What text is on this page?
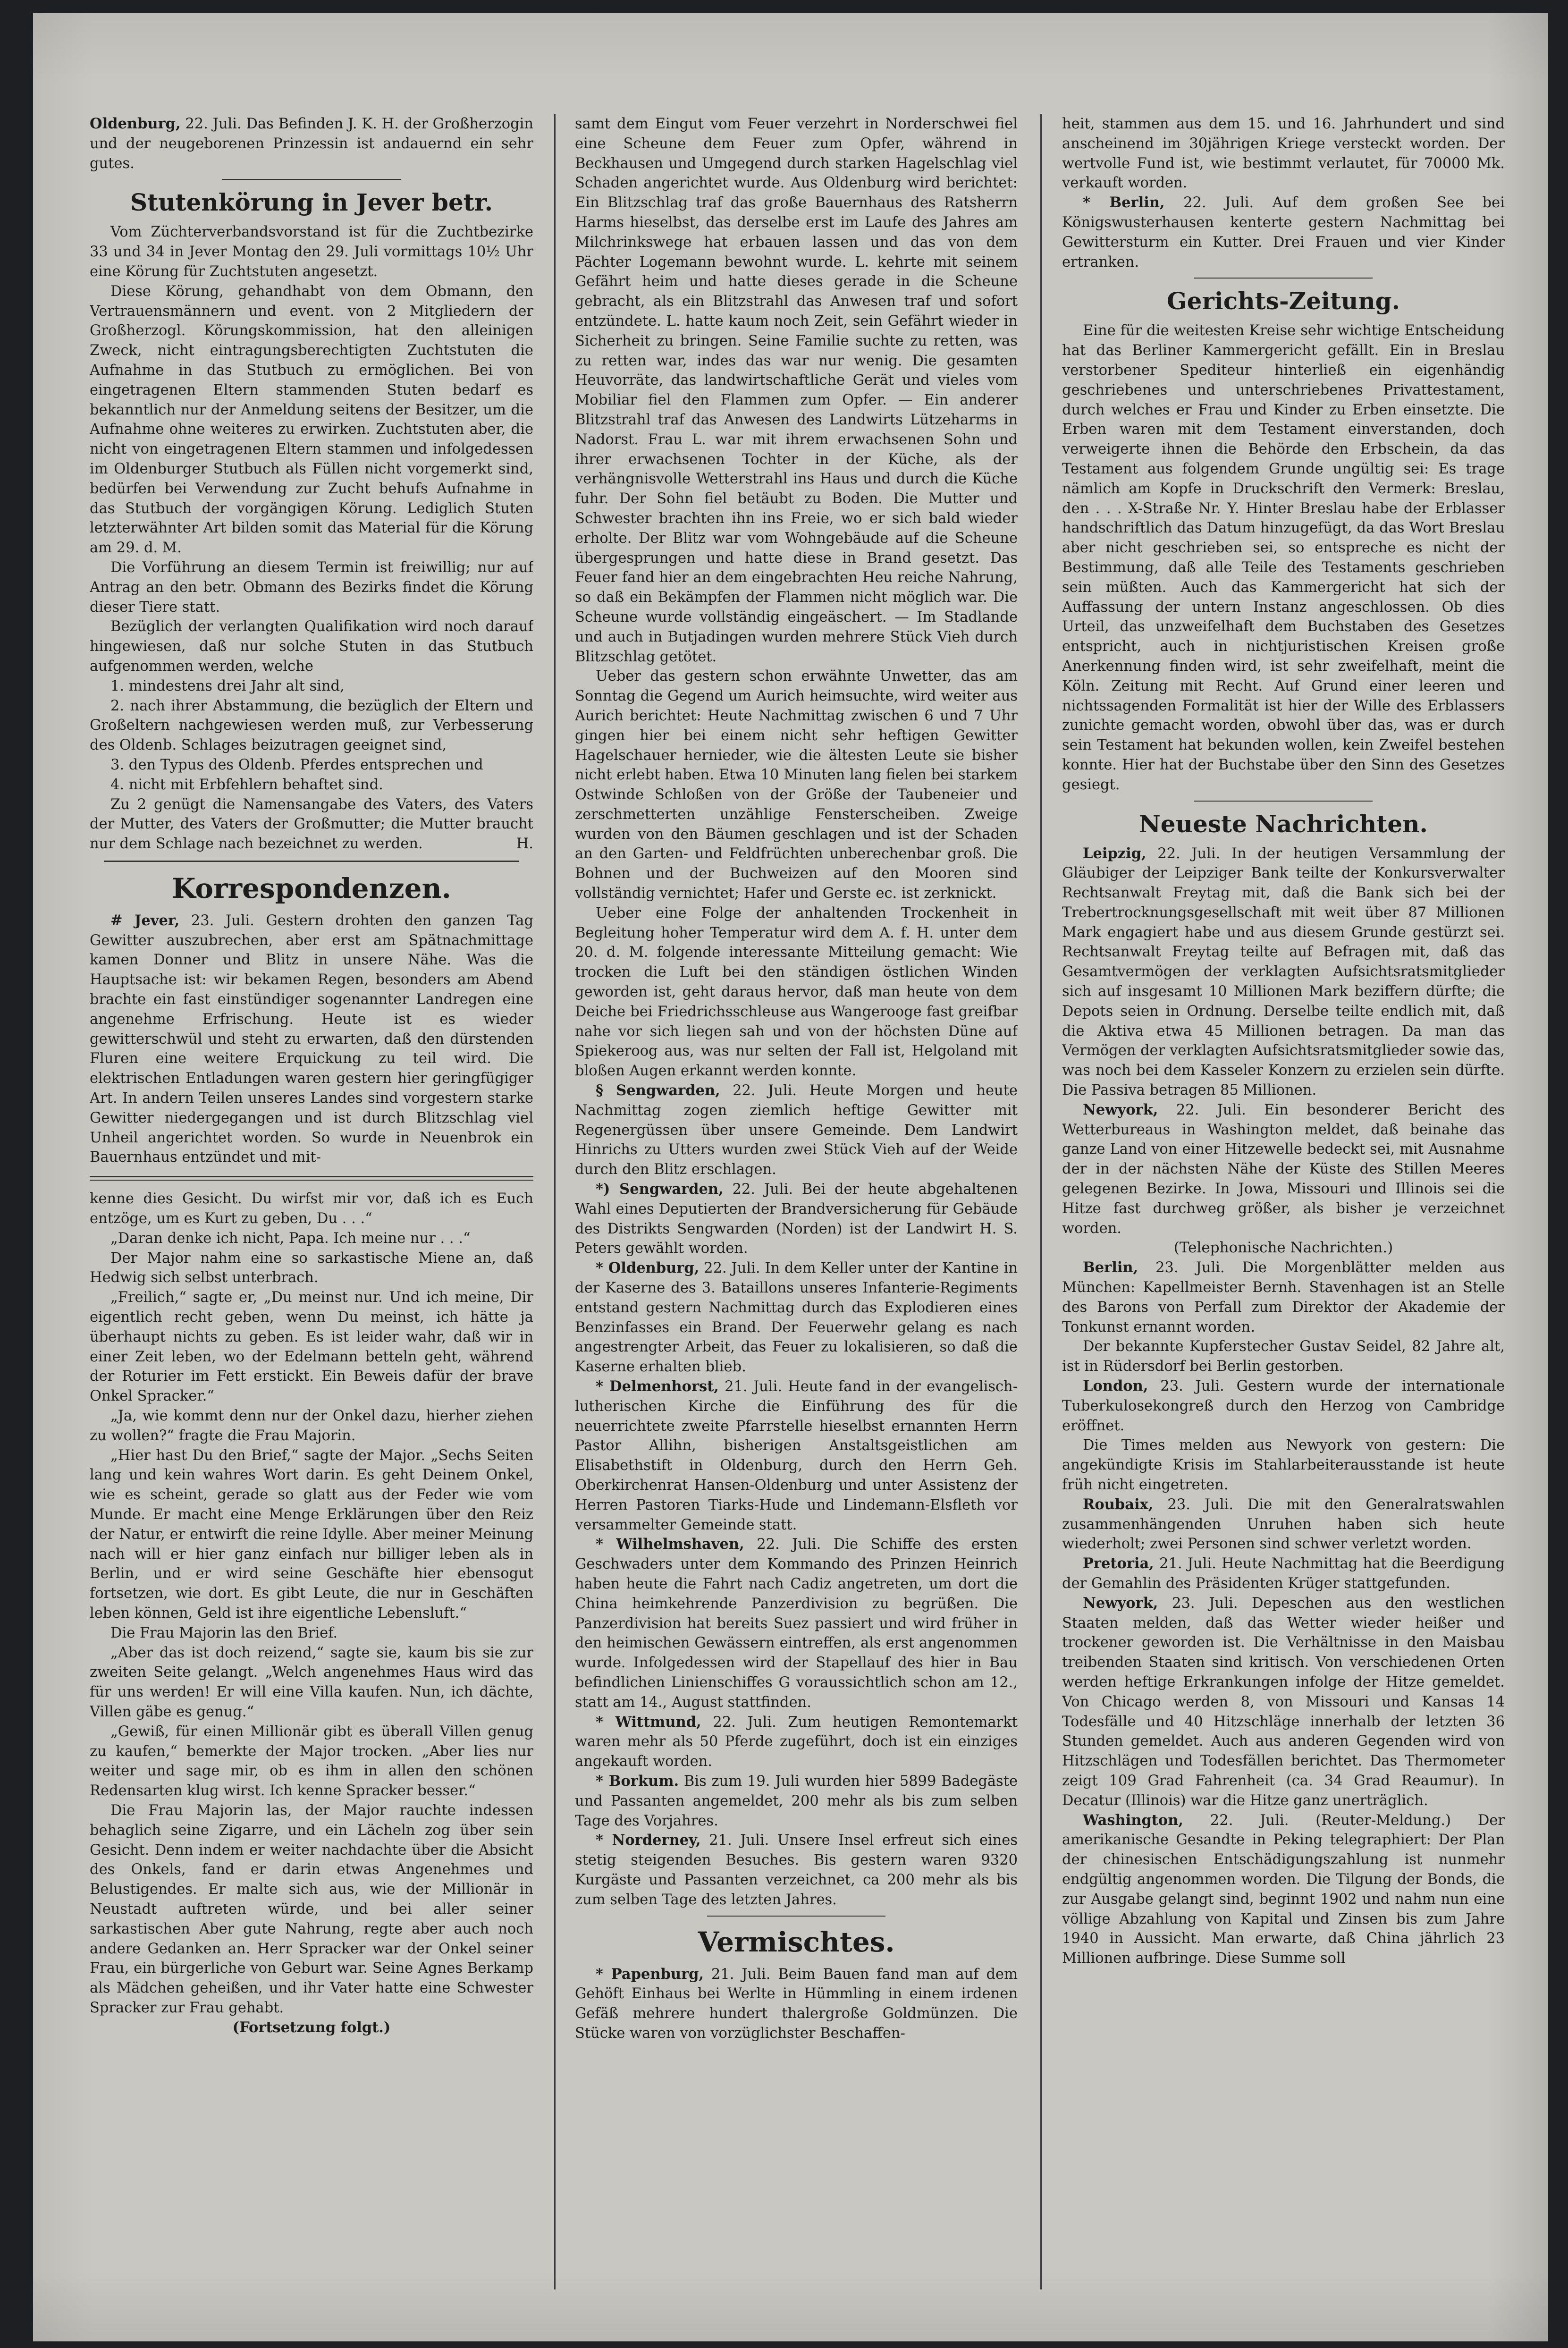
Oldenburg, 22. Juli. Das Befinden J. K. H. der Großherzogin und der neugeborenen Prinzessin ist andauernd ein sehr gutes.

Stutenkörung in Jever betr.

Vom Züchterverbandsvorstand ist für die Zuchtbezirke 33 und 34 in Jever Montag den 29. Juli vormittags 10½ Uhr eine Körung für Zuchtstuten angesetzt.

Diese Körung, gehandhabt von dem Obmann, den Vertrauensmännern und event. von 2 Mitgliedern der Großherzogl. Körungskommission, hat den alleinigen Zweck, nicht eintragungsberechtigten Zuchtstuten die Aufnahme in das Stutbuch zu ermöglichen. Bei von eingetragenen Eltern stammenden Stuten bedarf es bekanntlich nur der Anmeldung seitens der Besitzer, um die Aufnahme ohne weiteres zu erwirken. Zuchtstuten aber, die nicht von eingetragenen Eltern stammen und infolgedessen im Oldenburger Stutbuch als Füllen nicht vorgemerkt sind, bedürfen bei Verwendung zur Zucht behufs Aufnahme in das Stutbuch der vorgängigen Körung. Lediglich Stuten letzterwähnter Art bilden somit das Material für die Körung am 29. d. M.

Die Vorführung an diesem Termin ist freiwillig; nur auf Antrag an den betr. Obmann des Bezirks findet die Körung dieser Tiere statt.

Bezüglich der verlangten Qualifikation wird noch darauf hingewiesen, daß nur solche Stuten in das Stutbuch aufgenommen werden, welche

1. mindestens drei Jahr alt sind,

2. nach ihrer Abstammung, die bezüglich der Eltern und Großeltern nachgewiesen werden muß, zur Verbesserung des Oldenb. Schlages beizutragen geeignet sind,

3. den Typus des Oldenb. Pferdes entsprechen und

4. nicht mit Erbfehlern behaftet sind.

Zu 2 genügt die Namensangabe des Vaters, des Vaters der Mutter, des Vaters der Großmutter; die Mutter braucht nur dem Schlage nach bezeichnet zu werden.	H.

Korrespondenzen.

# Jever, 23. Juli. Gestern drohten den ganzen Tag Gewitter auszubrechen, aber erst am Spätnachmittage kamen Donner und Blitz in unsere Nähe. Was die Hauptsache ist: wir bekamen Regen, besonders am Abend brachte ein fast einstündiger sogenannter Landregen eine angenehme Erfrischung. Heute ist es wieder gewitterschwül und steht zu erwarten, daß den dürstenden Fluren eine weitere Erquickung zu teil wird. Die elektrischen Entladungen waren gestern hier geringfügiger Art. In andern Teilen unseres Landes sind vorgestern starke Gewitter niedergegangen und ist durch Blitzschlag viel Unheil angerichtet worden. So wurde in Neuenbrok ein Bauernhaus entzündet und mit-

kenne dies Gesicht. Du wirfst mir vor, daß ich es Euch entzöge, um es Kurt zu geben, Du . . .“

„Daran denke ich nicht, Papa. Ich meine nur . . .“

Der Major nahm eine so sarkastische Miene an, daß Hedwig sich selbst unterbrach.

„Freilich,“ sagte er, „Du meinst nur. Und ich meine, Dir eigentlich recht geben, wenn Du meinst, ich hätte ja überhaupt nichts zu geben. Es ist leider wahr, daß wir in einer Zeit leben, wo der Edelmann betteln geht, während der Roturier im Fett erstickt. Ein Beweis dafür der brave Onkel Spracker.“

„Ja, wie kommt denn nur der Onkel dazu, hierher ziehen zu wollen?“ fragte die Frau Majorin.

„Hier hast Du den Brief,“ sagte der Major. „Sechs Seiten lang und kein wahres Wort darin. Es geht Deinem Onkel, wie es scheint, gerade so glatt aus der Feder wie vom Munde. Er macht eine Menge Erklärungen über den Reiz der Natur, er entwirft die reine Idylle. Aber meiner Meinung nach will er hier ganz einfach nur billiger leben als in Berlin, und er wird seine Geschäfte hier ebensogut fortsetzen, wie dort. Es gibt Leute, die nur in Geschäften leben können, Geld ist ihre eigentliche Lebensluft.“

Die Frau Majorin las den Brief.

„Aber das ist doch reizend,“ sagte sie, kaum bis sie zur zweiten Seite gelangt. „Welch angenehmes Haus wird das für uns werden! Er will eine Villa kaufen. Nun, ich dächte, Villen gäbe es genug.“

„Gewiß, für einen Millionär gibt es überall Villen genug zu kaufen,“ bemerkte der Major trocken. „Aber lies nur weiter und sage mir, ob es ihm in allen den schönen Redensarten klug wirst. Ich kenne Spracker besser.“

Die Frau Majorin las, der Major rauchte indessen behaglich seine Zigarre, und ein Lächeln zog über sein Gesicht. Denn indem er weiter nachdachte über die Absicht des Onkels, fand er darin etwas Angenehmes und Belustigendes. Er malte sich aus, wie der Millionär in Neustadt auftreten würde, und bei aller seiner sarkastischen Aber gute Nahrung, regte aber auch noch andere Gedanken an. Herr Spracker war der Onkel seiner Frau, ein bürgerliche von Geburt war. Seine Agnes Berkamp als Mädchen geheißen, und ihr Vater hatte eine Schwester Spracker zur Frau gehabt.

(Fortsetzung folgt.)

samt dem Eingut vom Feuer verzehrt in Norderschwei fiel eine Scheune dem Feuer zum Opfer, während in Beckhausen und Umgegend durch starken Hagelschlag viel Schaden angerichtet wurde. Aus Oldenburg wird berichtet: Ein Blitzschlag traf das große Bauernhaus des Ratsherrn Harms hieselbst, das derselbe erst im Laufe des Jahres am Milchrinkswege hat erbauen lassen und das von dem Pächter Logemann bewohnt wurde. L. kehrte mit seinem Gefährt heim und hatte dieses gerade in die Scheune gebracht, als ein Blitzstrahl das Anwesen traf und sofort entzündete. L. hatte kaum noch Zeit, sein Gefährt wieder in Sicherheit zu bringen. Seine Familie suchte zu retten, was zu retten war, indes das war nur wenig. Die gesamten Heuvorräte, das landwirtschaftliche Gerät und vieles vom Mobiliar fiel den Flammen zum Opfer. — Ein anderer Blitzstrahl traf das Anwesen des Landwirts Lützeharms in Nadorst. Frau L. war mit ihrem erwachsenen Sohn und ihrer erwachsenen Tochter in der Küche, als der verhängnisvolle Wetterstrahl ins Haus und durch die Küche fuhr. Der Sohn fiel betäubt zu Boden. Die Mutter und Schwester brachten ihn ins Freie, wo er sich bald wieder erholte. Der Blitz war vom Wohngebäude auf die Scheune übergesprungen und hatte diese in Brand gesetzt. Das Feuer fand hier an dem eingebrachten Heu reiche Nahrung, so daß ein Bekämpfen der Flammen nicht möglich war. Die Scheune wurde vollständig eingeäschert. — Im Stadlande und auch in Butjadingen wurden mehrere Stück Vieh durch Blitzschlag getötet.

Ueber das gestern schon erwähnte Unwetter, das am Sonntag die Gegend um Aurich heimsuchte, wird weiter aus Aurich berichtet: Heute Nachmittag zwischen 6 und 7 Uhr gingen hier bei einem nicht sehr heftigen Gewitter Hagelschauer hernieder, wie die ältesten Leute sie bisher nicht erlebt haben. Etwa 10 Minuten lang fielen bei starkem Ostwinde Schloßen von der Größe der Taubeneier und zerschmetterten unzählige Fensterscheiben. Zweige wurden von den Bäumen geschlagen und ist der Schaden an den Garten- und Feldfrüchten unberechenbar groß. Die Bohnen und der Buchweizen auf den Mooren sind vollständig vernichtet; Hafer und Gerste ec. ist zerknickt.

Ueber eine Folge der anhaltenden Trockenheit in Begleitung hoher Temperatur wird dem A. f. H. unter dem 20. d. M. folgende interessante Mitteilung gemacht: Wie trocken die Luft bei den ständigen östlichen Winden geworden ist, geht daraus hervor, daß man heute von dem Deiche bei Friedrichsschleuse aus Wangerooge fast greifbar nahe vor sich liegen sah und von der höchsten Düne auf Spiekeroog aus, was nur selten der Fall ist, Helgoland mit bloßen Augen erkannt werden konnte.

§ Sengwarden, 22. Juli. Heute Morgen und heute Nachmittag zogen ziemlich heftige Gewitter mit Regenergüssen über unsere Gemeinde. Dem Landwirt Hinrichs zu Utters wurden zwei Stück Vieh auf der Weide durch den Blitz erschlagen.

*) Sengwarden, 22. Juli. Bei der heute abgehaltenen Wahl eines Deputierten der Brandversicherung für Gebäude des Distrikts Sengwarden (Norden) ist der Landwirt H. S. Peters gewählt worden.

* Oldenburg, 22. Juli. In dem Keller unter der Kantine in der Kaserne des 3. Bataillons unseres Infanterie-Regiments entstand gestern Nachmittag durch das Explodieren eines Benzinfasses ein Brand. Der Feuerwehr gelang es nach angestrengter Arbeit, das Feuer zu lokalisieren, so daß die Kaserne erhalten blieb.

* Delmenhorst, 21. Juli. Heute fand in der evangelisch-lutherischen Kirche die Einführung des für die neuerrichtete zweite Pfarrstelle hieselbst ernannten Herrn Pastor Allihn, bisherigen Anstaltsgeistlichen am Elisabethstift in Oldenburg, durch den Herrn Geh. Oberkirchenrat Hansen-Oldenburg und unter Assistenz der Herren Pastoren Tiarks-Hude und Lindemann-Elsfleth vor versammelter Gemeinde statt.

* Wilhelmshaven, 22. Juli. Die Schiffe des ersten Geschwaders unter dem Kommando des Prinzen Heinrich haben heute die Fahrt nach Cadiz angetreten, um dort die China heimkehrende Panzerdivision zu begrüßen. Die Panzerdivision hat bereits Suez passiert und wird früher in den heimischen Gewässern eintreffen, als erst angenommen wurde. Infolgedessen wird der Stapellauf des hier in Bau befindlichen Linienschiffes G voraussichtlich schon am 12., statt am 14., August stattfinden.

* Wittmund, 22. Juli. Zum heutigen Remontemarkt waren mehr als 50 Pferde zugeführt, doch ist ein einziges angekauft worden.

* Borkum. Bis zum 19. Juli wurden hier 5899 Badegäste und Passanten angemeldet, 200 mehr als bis zum selben Tage des Vorjahres.

* Norderney, 21. Juli. Unsere Insel erfreut sich eines stetig steigenden Besuches. Bis gestern waren 9320 Kurgäste und Passanten verzeichnet, ca 200 mehr als bis zum selben Tage des letzten Jahres.

Vermischtes.

* Papenburg, 21. Juli. Beim Bauen fand man auf dem Gehöft Einhaus bei Werlte in Hümmling in einem irdenen Gefäß mehrere hundert thalergroße Goldmünzen. Die Stücke waren von vorzüglichster Beschaffen-

heit, stammen aus dem 15. und 16. Jahrhundert und sind anscheinend im 30jährigen Kriege versteckt worden. Der wertvolle Fund ist, wie bestimmt verlautet, für 70000 Mk. verkauft worden.

* Berlin, 22. Juli. Auf dem großen See bei Königswusterhausen kenterte gestern Nachmittag bei Gewittersturm ein Kutter. Drei Frauen und vier Kinder ertranken.

Gerichts-Zeitung.

Eine für die weitesten Kreise sehr wichtige Entscheidung hat das Berliner Kammergericht gefällt. Ein in Breslau verstorbener Spediteur hinterließ ein eigenhändig geschriebenes und unterschriebenes Privattestament, durch welches er Frau und Kinder zu Erben einsetzte. Die Erben waren mit dem Testament einverstanden, doch verweigerte ihnen die Behörde den Erbschein, da das Testament aus folgendem Grunde ungültig sei: Es trage nämlich am Kopfe in Druckschrift den Vermerk: Breslau, den . . . X-Straße Nr. Y. Hinter Breslau habe der Erblasser handschriftlich das Datum hinzugefügt, da das Wort Breslau aber nicht geschrieben sei, so entspreche es nicht der Bestimmung, daß alle Teile des Testaments geschrieben sein müßten. Auch das Kammergericht hat sich der Auffassung der untern Instanz angeschlossen. Ob dies Urteil, das unzweifelhaft dem Buchstaben des Gesetzes entspricht, auch in nichtjuristischen Kreisen große Anerkennung finden wird, ist sehr zweifelhaft, meint die Köln. Zeitung mit Recht. Auf Grund einer leeren und nichtssagenden Formalität ist hier der Wille des Erblassers zunichte gemacht worden, obwohl über das, was er durch sein Testament hat bekunden wollen, kein Zweifel bestehen konnte. Hier hat der Buchstabe über den Sinn des Gesetzes gesiegt.

Neueste Nachrichten.

Leipzig, 22. Juli. In der heutigen Versammlung der Gläubiger der Leipziger Bank teilte der Konkursverwalter Rechtsanwalt Freytag mit, daß die Bank sich bei der Trebertrocknungsgesellschaft mit weit über 87 Millionen Mark engagiert habe und aus diesem Grunde gestürzt sei. Rechtsanwalt Freytag teilte auf Befragen mit, daß das Gesamtvermögen der verklagten Aufsichtsratsmitglieder sich auf insgesamt 10 Millionen Mark beziffern dürfte; die Depots seien in Ordnung. Derselbe teilte endlich mit, daß die Aktiva etwa 45 Millionen betragen. Da man das Vermögen der verklagten Aufsichtsratsmitglieder sowie das, was noch bei dem Kasseler Konzern zu erzielen sein dürfte. Die Passiva betragen 85 Millionen.

Newyork, 22. Juli. Ein besonderer Bericht des Wetterbureaus in Washington meldet, daß beinahe das ganze Land von einer Hitzewelle bedeckt sei, mit Ausnahme der in der nächsten Nähe der Küste des Stillen Meeres gelegenen Bezirke. In Jowa, Missouri und Illinois sei die Hitze fast durchweg größer, als bisher je verzeichnet worden.

(Telephonische Nachrichten.)

Berlin, 23. Juli. Die Morgenblätter melden aus München: Kapellmeister Bernh. Stavenhagen ist an Stelle des Barons von Perfall zum Direktor der Akademie der Tonkunst ernannt worden.

Der bekannte Kupferstecher Gustav Seidel, 82 Jahre alt, ist in Rüdersdorf bei Berlin gestorben.

London, 23. Juli. Gestern wurde der internationale Tuberkulosekongreß durch den Herzog von Cambridge eröffnet.

Die Times melden aus Newyork von gestern: Die angekündigte Krisis im Stahlarbeiterausstande ist heute früh nicht eingetreten.

Roubaix, 23. Juli. Die mit den Generalratswahlen zusammenhängenden Unruhen haben sich heute wiederholt; zwei Personen sind schwer verletzt worden.

Pretoria, 21. Juli. Heute Nachmittag hat die Beerdigung der Gemahlin des Präsidenten Krüger stattgefunden.

Newyork, 23. Juli. Depeschen aus den westlichen Staaten melden, daß das Wetter wieder heißer und trockener geworden ist. Die Verhältnisse in den Maisbau treibenden Staaten sind kritisch. Von verschiedenen Orten werden heftige Erkrankungen infolge der Hitze gemeldet. Von Chicago werden 8, von Missouri und Kansas 14 Todesfälle und 40 Hitzschläge innerhalb der letzten 36 Stunden gemeldet. Auch aus anderen Gegenden wird von Hitzschlägen und Todesfällen berichtet. Das Thermometer zeigt 109 Grad Fahrenheit (ca. 34 Grad Reaumur). In Decatur (Illinois) war die Hitze ganz unerträglich.

Washington, 22. Juli. (Reuter-Meldung.) Der amerikanische Gesandte in Peking telegraphiert: Der Plan der chinesischen Entschädigungszahlung ist nunmehr endgültig angenommen worden. Die Tilgung der Bonds, die zur Ausgabe gelangt sind, beginnt 1902 und nahm nun eine völlige Abzahlung von Kapital und Zinsen bis zum Jahre 1940 in Aussicht. Man erwarte, daß China jährlich 23 Millionen aufbringe. Diese Summe soll
